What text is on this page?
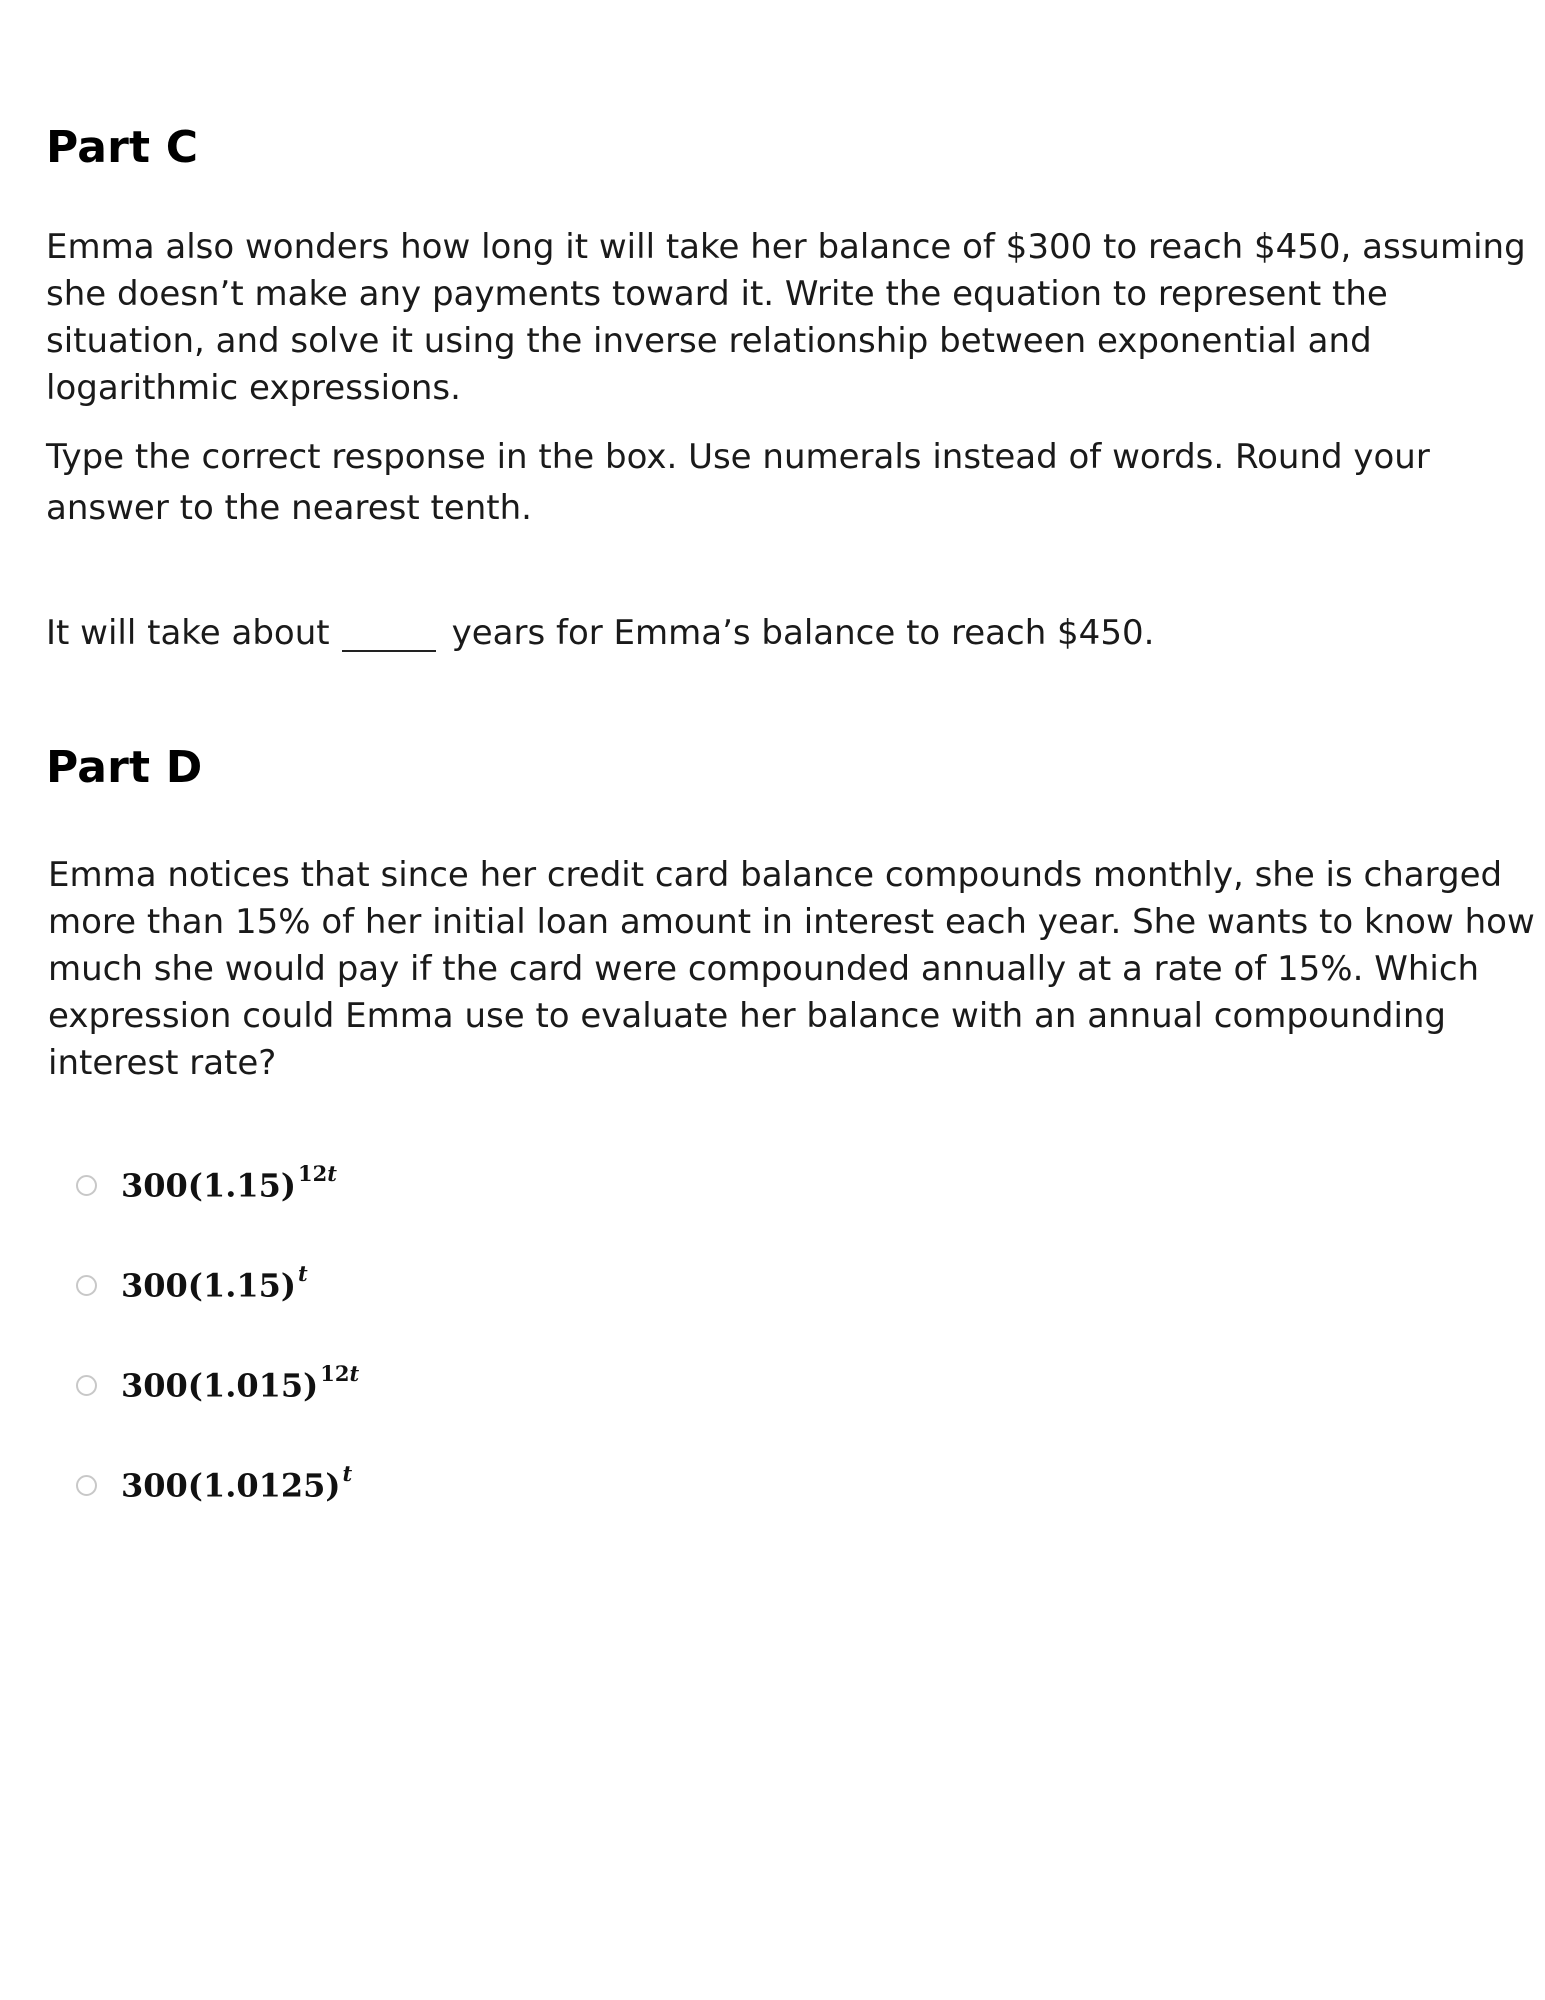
Part C

Emma also wonders how long it will take her balance of $300 to reach $450, assuming
she doesn’t make any payments toward it. Write the equation to represent the
situation, and solve it using the inverse relationship between exponential and
logarithmic expressions.

Type the correct response in the box. Use numerals instead of words. Round your
answer to the nearest tenth.

It will take about	years for Emma’s balance to reach $450.
Part D

Emma notices that since her credit card balance compounds monthly, she is charged
more than 15% of her initial loan amount in interest each year. She wants to know how
much she would pay if the card were compounded annually at a rate of 15%. Which
expression could Emma use to evaluate her balance with an annual compounding
interest rate?

$300(1.15)^{12t}$
$300(1.15)^t$
$300(1.015)^{12t}$
$300(1.0125)^t$
